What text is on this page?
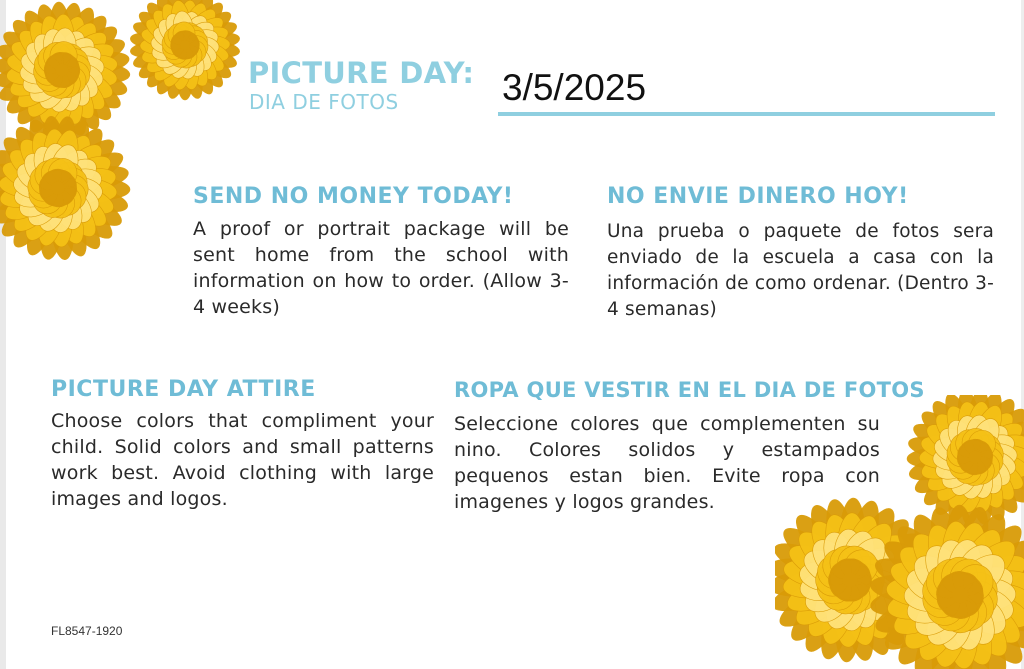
PICTURE DAY:
DIA DE FOTOS	3/5/2025
SEND NO MONEY TODAY!
A proof or portrait package will be sent home from the school with information on how to order. (Allow 3-4 weeks)
NO ENVIE DINERO HOY!
Una prueba o paquete de fotos sera enviado de la escuela a casa con la información de como ordenar. (Dentro 3-4 semanas)
PICTURE DAY ATTIRE
Choose colors that compliment your child. Solid colors and small patterns work best. Avoid clothing with large images and logos.
ROPA QUE VESTIR EN EL DIA DE FOTOS
Seleccione colores que complementen su nino. Colores solidos y estampados pequenos estan bien. Evite ropa con imagenes y logos grandes.
FL8547-1920
